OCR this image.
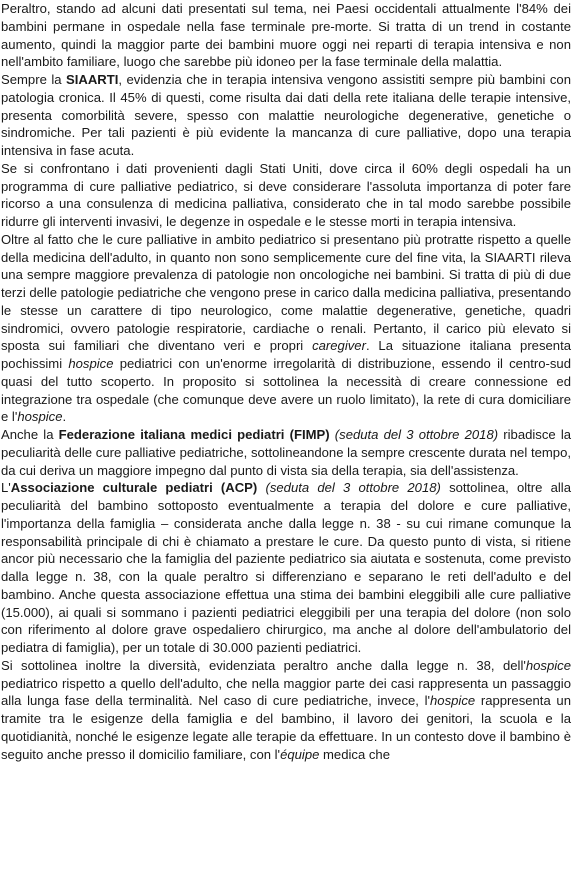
Peraltro, stando ad alcuni dati presentati sul tema, nei Paesi occidentali attualmente l'84% dei bambini permane in ospedale nella fase terminale pre-morte. Si tratta di un trend in costante aumento, quindi la maggior parte dei bambini muore oggi nei reparti di terapia intensiva e non nell'ambito familiare, luogo che sarebbe più idoneo per la fase terminale della malattia.

Sempre la SIAARTI, evidenzia che in terapia intensiva vengono assistiti sempre più bambini con patologia cronica. Il 45% di questi, come risulta dai dati della rete italiana delle terapie intensive, presenta comorbilità severe, spesso con malattie neurologiche degenerative, genetiche o sindromiche. Per tali pazienti è più evidente la mancanza di cure palliative, dopo una terapia intensiva in fase acuta.

Se si confrontano i dati provenienti dagli Stati Uniti, dove circa il 60% degli ospedali ha un programma di cure palliative pediatrico, si deve considerare l'assoluta importanza di poter fare ricorso a una consulenza di medicina palliativa, considerato che in tal modo sarebbe possibile ridurre gli interventi invasivi, le degenze in ospedale e le stesse morti in terapia intensiva.

Oltre al fatto che le cure palliative in ambito pediatrico si presentano più protratte rispetto a quelle della medicina dell'adulto, in quanto non sono semplicemente cure del fine vita, la SIAARTI rileva una sempre maggiore prevalenza di patologie non oncologiche nei bambini. Si tratta di più di due terzi delle patologie pediatriche che vengono prese in carico dalla medicina palliativa, presentando le stesse un carattere di tipo neurologico, come malattie degenerative, genetiche, quadri sindromici, ovvero patologie respiratorie, cardiache o renali. Pertanto, il carico più elevato si sposta sui familiari che diventano veri e propri caregiver. La situazione italiana presenta pochissimi hospice pediatrici con un'enorme irregolarità di distribuzione, essendo il centro-sud quasi del tutto scoperto. In proposito si sottolinea la necessità di creare connessione ed integrazione tra ospedale (che comunque deve avere un ruolo limitato), la rete di cura domiciliare e l'hospice.

Anche la Federazione italiana medici pediatri (FIMP) (seduta del 3 ottobre 2018) ribadisce la peculiarità delle cure palliative pediatriche, sottolineandone la sempre crescente durata nel tempo, da cui deriva un maggiore impegno dal punto di vista sia della terapia, sia dell'assistenza.

L'Associazione culturale pediatri (ACP) (seduta del 3 ottobre 2018) sottolinea, oltre alla peculiarità del bambino sottoposto eventualmente a terapia del dolore e cure palliative, l'importanza della famiglia – considerata anche dalla legge n. 38 - su cui rimane comunque la responsabilità principale di chi è chiamato a prestare le cure. Da questo punto di vista, si ritiene ancor più necessario che la famiglia del paziente pediatrico sia aiutata e sostenuta, come previsto dalla legge n. 38, con la quale peraltro si differenziano e separano le reti dell'adulto e del bambino. Anche questa associazione effettua una stima dei bambini eleggibili alle cure palliative (15.000), ai quali si sommano i pazienti pediatrici eleggibili per una terapia del dolore (non solo con riferimento al dolore grave ospedaliero chirurgico, ma anche al dolore dell'ambulatorio del pediatra di famiglia), per un totale di 30.000 pazienti pediatrici.

Si sottolinea inoltre la diversità, evidenziata peraltro anche dalla legge n. 38, dell'hospice pediatrico rispetto a quello dell'adulto, che nella maggior parte dei casi rappresenta un passaggio alla lunga fase della terminalità. Nel caso di cure pediatriche, invece, l'hospice rappresenta un tramite tra le esigenze della famiglia e del bambino, il lavoro dei genitori, la scuola e la quotidianità, nonché le esigenze legate alle terapie da effettuare. In un contesto dove il bambino è seguito anche presso il domicilio familiare, con l'équipe medica che
